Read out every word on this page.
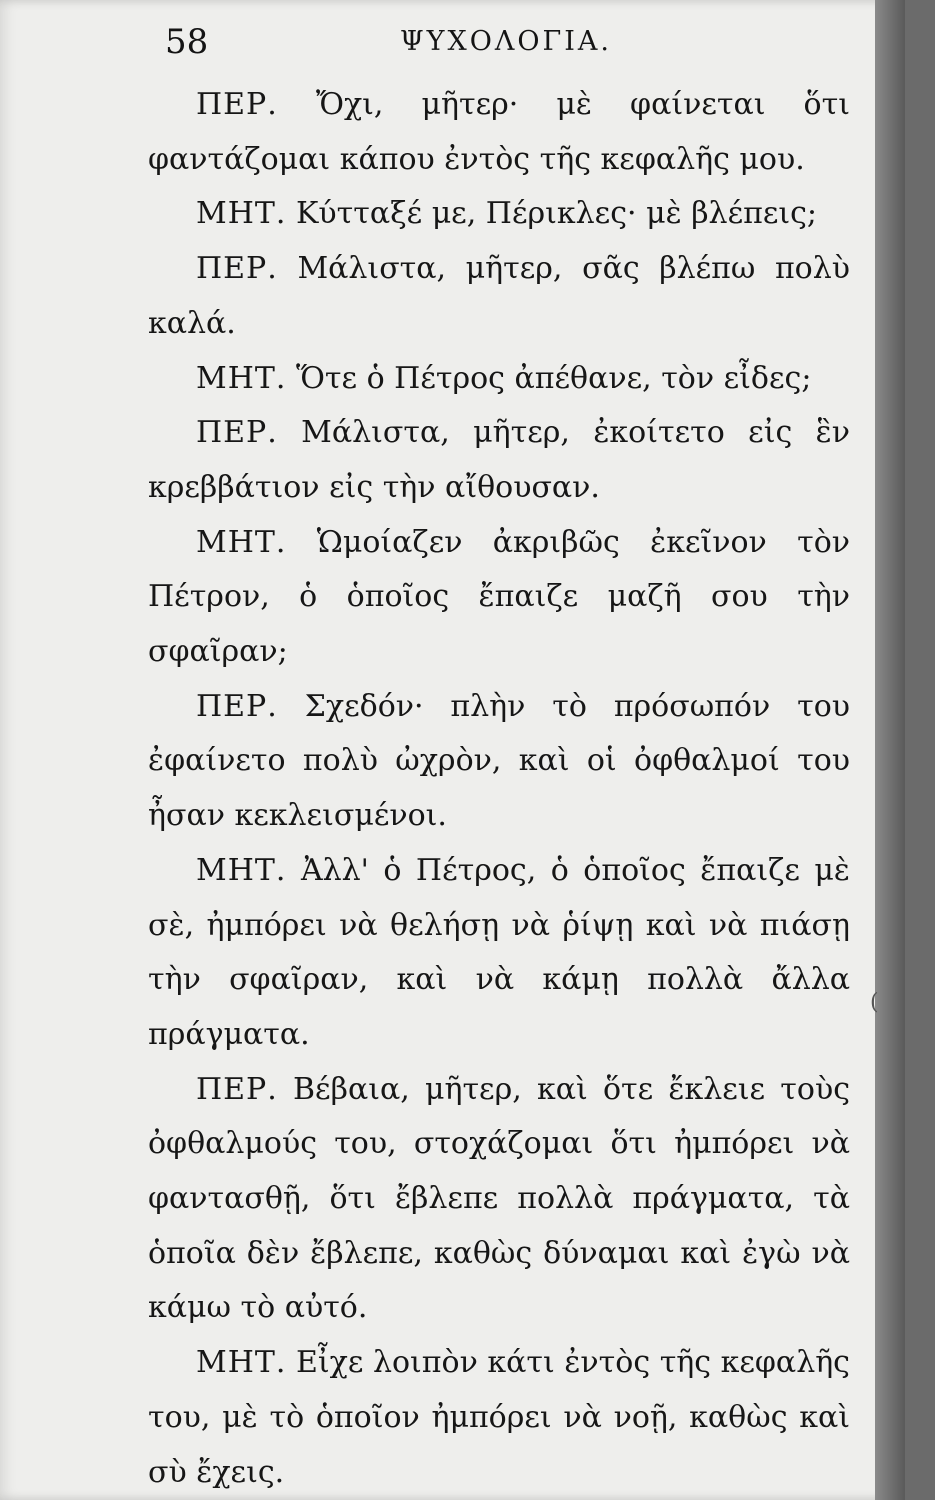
58	ΨΥΧΟΛΟΓΙΑ.

ΠΕΡ. Ὄχι, μῆτερ· μὲ φαίνεται ὅτι φαντάζομαι κάπου ἐντὸς τῆς κεφαλῆς μου.

ΜΗΤ. Κύτταξέ με, Πέρικλες· μὲ βλέπεις;

ΠΕΡ. Μάλιστα, μῆτερ, σᾶς βλέπω πολὺ καλά.

ΜΗΤ. Ὅτε ὁ Πέτρος ἀπέθανε, τὸν εἶδες;

ΠΕΡ. Μάλιστα, μῆτερ, ἐκοίτετο εἰς ἓν κρεββάτιον εἰς τὴν αἴθουσαν.

ΜΗΤ. Ὡμοίαζεν ἀκριβῶς ἐκεῖνον τὸν Πέτρον, ὁ ὁποῖος ἔπαιζε μαζῆ σου τὴν σφαῖραν;

ΠΕΡ. Σχεδόν· πλὴν τὸ πρόσωπόν του ἐφαίνετο πολὺ ὠχρὸν, καὶ οἱ ὀφθαλμοί του ἦσαν κεκλεισμένοι.

ΜΗΤ. Ἀλλ' ὁ Πέτρος, ὁ ὁποῖος ἔπαιζε μὲ σὲ, ἠμπόρει νὰ θελήσῃ νὰ ῥίψῃ καὶ νὰ πιάσῃ τὴν σφαῖραν, καὶ νὰ κάμῃ πολλὰ ἄλλα πράγματα.

ΠΕΡ. Βέβαια, μῆτερ, καὶ ὅτε ἔκλειε τοὺς ὀφθαλμούς του, στοχάζομαι ὅτι ἠμπόρει νὰ φαντασθῇ, ὅτι ἔβλεπε πολλὰ πράγματα, τὰ ὁποῖα δὲν ἔβλεπε, καθὼς δύναμαι καὶ ἐγὼ νὰ κάμω τὸ αὐτό.

ΜΗΤ. Εἶχε λοιπὸν κάτι ἐντὸς τῆς κεφαλῆς του, μὲ τὸ ὁποῖον ἠμπόρει νὰ νοῇ, καθὼς καὶ σὺ ἔχεις.

(
